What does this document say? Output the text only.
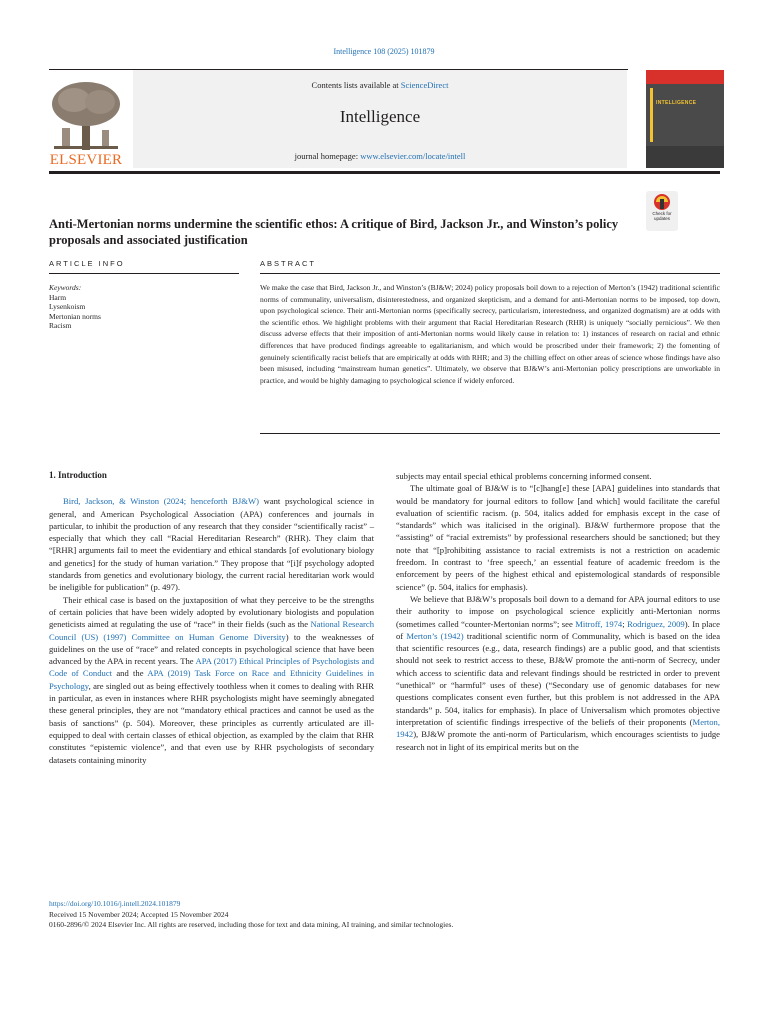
Intelligence 108 (2025) 101879
ELSEVIER
Contents lists available at ScienceDirect
Intelligence
journal homepage: www.elsevier.com/locate/intell
INTELLIGENCE
Anti-Mertonian norms undermine the scientific ethos: A critique of Bird, Jackson Jr., and Winston’s policy proposals and associated justification
Check for updates
ARTICLE INFO
Keywords:
Harm
Lysenkoism
Mertonian norms
Racism
ABSTRACT
We make the case that Bird, Jackson Jr., and Winston’s (BJ&W; 2024) policy proposals boil down to a rejection of Merton’s (1942) traditional scientific norms of communality, universalism, disinterestedness, and organized skepticism, and a demand for anti-Mertonian norms to be imposed, top down, upon psychological science. Their anti-Mertonian norms (specifically secrecy, particularism, interestedness, and organized dogmatism) are at odds with the scientific ethos. We highlight problems with their argument that Racial Hereditarian Research (RHR) is uniquely “socially pernicious”. We then discuss adverse effects that their imposition of anti-Mertonian norms would likely cause in relation to: 1) instances of research on racial and ethnic differences that have produced findings agreeable to egalitarianism, and which would be proscribed under their framework; 2) the fomenting of genuinely scientifically racist beliefs that are empirically at odds with RHR; and 3) the chilling effect on other areas of science whose findings have also been misused, including “mainstream human genetics”. Ultimately, we observe that BJ&W’s anti-Mertonian policy prescriptions are unworkable in practice, and would be highly damaging to psychological science if widely enforced.
1. Introduction

Bird, Jackson, & Winston (2024; henceforth BJ&W) want psychological science in general, and American Psychological Association (APA) conferences and journals in particular, to inhibit the production of any research that they consider “scientifically racist” – especially that which they call “Racial Hereditarian Research” (RHR). They claim that “[RHR] arguments fail to meet the evidentiary and ethical standards [of evolutionary biology and genetics] for the study of human variation.” They propose that “[i]f psychology adopted standards from genetics and evolutionary biology, the current racial hereditarian work would be ineligible for publication” (p. 497).

Their ethical case is based on the juxtaposition of what they perceive to be the strengths of certain policies that have been widely adopted by evolutionary biologists and population geneticists aimed at regulating the use of “race” in their fields (such as the National Research Council (US) (1997) Committee on Human Genome Diversity) to the weaknesses of guidelines on the use of “race” and related concepts in psychological science that have been advanced by the APA in recent years. The APA (2017) Ethical Principles of Psychologists and Code of Conduct and the APA (2019) Task Force on Race and Ethnicity Guidelines in Psychology, are singled out as being effectively toothless when it comes to dealing with RHR in particular, as even in instances where RHR psychologists might have seemingly abnegated these general principles, they are not “mandatory ethical practices and cannot be used as the basis of sanctions” (p. 504). Moreover, these principles as currently articulated are ill-equipped to deal with certain classes of ethical objection, as exampled by the claim that RHR constitutes “epistemic violence”, and that even use by RHR psychologists of secondary datasets containing minority

subjects may entail special ethical problems concerning informed consent.

The ultimate goal of BJ&W is to “[c]hang[e] these [APA] guidelines into standards that would be mandatory for journal editors to follow [and which] would facilitate the careful evaluation of scientific racism. (p. 504, italics added for emphasis except in the case of “standards” which was italicised in the original). BJ&W furthermore propose that the “assisting” of “racial extremists” by professional researchers should be sanctioned; but they note that “[p]rohibiting assistance to racial extremists is not a restriction on academic freedom. In contrast to ‘free speech,’ an essential feature of academic freedom is the enforcement by peers of the highest ethical and epistemological standards of responsible science” (p. 504, italics for emphasis).

We believe that BJ&W’s proposals boil down to a demand for APA journal editors to use their authority to impose on psychological science explicitly anti-Mertonian norms (sometimes called “counter-Mertonian norms”; see Mitroff, 1974; Rodriguez, 2009). In place of Merton’s (1942) traditional scientific norm of Communality, which is based on the idea that scientific resources (e.g., data, research findings) are a public good, and that scientists should not seek to restrict access to these, BJ&W promote the anti-norm of Secrecy, under which access to scientific data and relevant findings should be restricted in order to prevent “unethical” or “harmful” uses of these) (“Secondary use of genomic databases for new questions complicates consent even further, but this problem is not addressed in the APA standards” p. 504, italics for emphasis). In place of Universalism which promotes objective interpretation of scientific findings irrespective of the beliefs of their proponents (Merton, 1942), BJ&W promote the anti-norm of Particularism, which encourages scientists to judge research not in light of its empirical merits but on the

https://doi.org/10.1016/j.intell.2024.101879
Received 15 November 2024; Accepted 15 November 2024
0160-2896/© 2024 Elsevier Inc. All rights are reserved, including those for text and data mining, AI training, and similar technologies.
